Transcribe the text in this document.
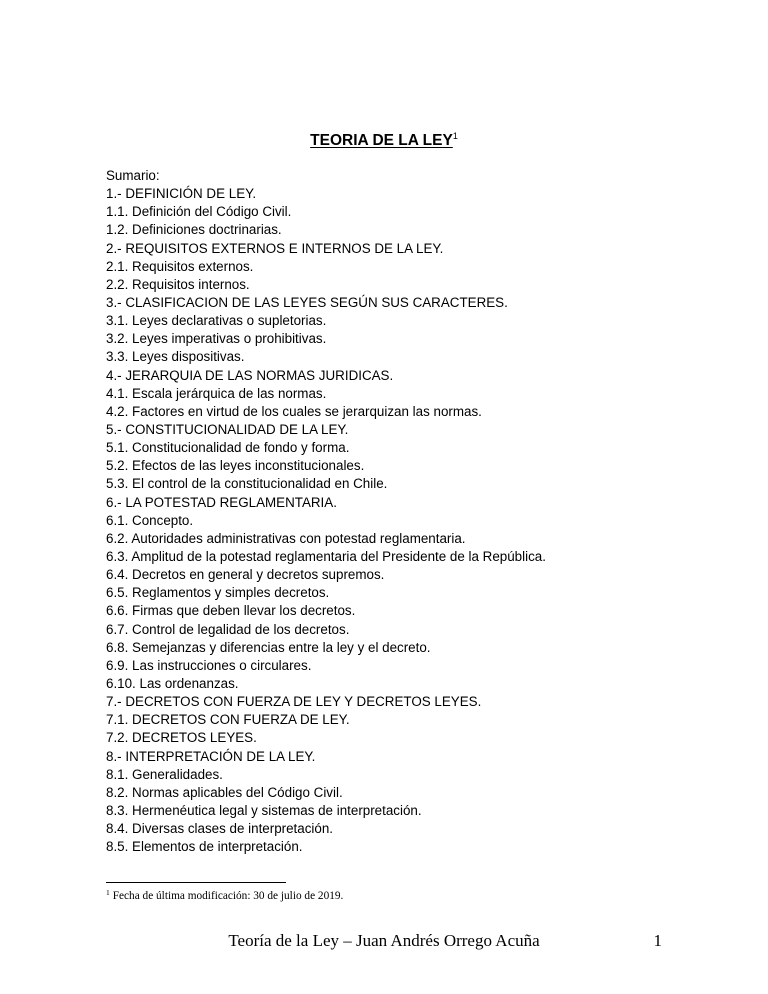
TEORIA DE LA LEY$^1$
Sumario:
1.- DEFINICIÓN DE LEY.
1.1. Definición del Código Civil.
1.2. Definiciones doctrinarias.
2.- REQUISITOS EXTERNOS E INTERNOS DE LA LEY.
2.1. Requisitos externos.
2.2. Requisitos internos.
3.- CLASIFICACION DE LAS LEYES SEGÚN SUS CARACTERES.
3.1. Leyes declarativas o supletorias.
3.2. Leyes imperativas o prohibitivas.
3.3. Leyes dispositivas.
4.- JERARQUIA DE LAS NORMAS JURIDICAS.
4.1. Escala jerárquica de las normas.
4.2. Factores en virtud de los cuales se jerarquizan las normas.
5.- CONSTITUCIONALIDAD DE LA LEY.
5.1. Constitucionalidad de fondo y forma.
5.2. Efectos de las leyes inconstitucionales.
5.3. El control de la constitucionalidad en Chile.
6.- LA POTESTAD REGLAMENTARIA.
6.1. Concepto.
6.2. Autoridades administrativas con potestad reglamentaria.
6.3. Amplitud de la potestad reglamentaria del Presidente de la República.
6.4. Decretos en general y decretos supremos.
6.5. Reglamentos y simples decretos.
6.6. Firmas que deben llevar los decretos.
6.7. Control de legalidad de los decretos.
6.8. Semejanzas y diferencias entre la ley y el decreto.
6.9. Las instrucciones o circulares.
6.10. Las ordenanzas.
7.- DECRETOS CON FUERZA DE LEY Y DECRETOS LEYES.
7.1. DECRETOS CON FUERZA DE LEY.
7.2. DECRETOS LEYES.
8.- INTERPRETACIÓN DE LA LEY.
8.1. Generalidades.
8.2. Normas aplicables del Código Civil.
8.3. Hermenéutica legal y sistemas de interpretación.
8.4. Diversas clases de interpretación.
8.5. Elementos de interpretación.
$^1$ Fecha de última modificación: 30 de julio de 2019.
Teoría de la Ley – Juan Andrés Orrego Acuña	1
